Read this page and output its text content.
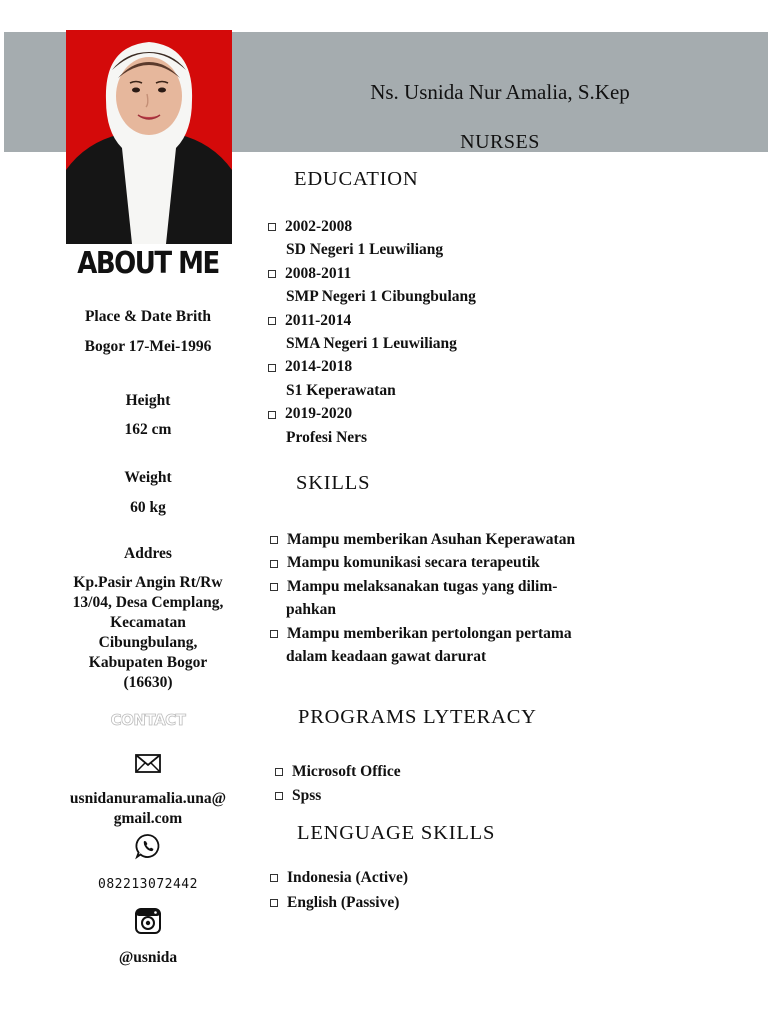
Ns. Usnida Nur Amalia, S.Kep
NURSES
ABOUT ME
Place & Date Brith
Bogor 17-Mei-1996
Height
162 cm
Weight
60 kg
Addres
Kp.Pasir Angin Rt/Rw
13/04, Desa Cemplang,
Kecamatan
Cibungbulang,
Kabupaten Bogor
(16630)
CONTACT
usnidanuramalia.una@
gmail.com
082213072442
@usnida
EDUCATION
2002-2008
SD Negeri 1 Leuwiliang
2008-2011
SMP Negeri 1 Cibungbulang
2011-2014
SMA Negeri 1 Leuwiliang
2014-2018
S1 Keperawatan
2019-2020
Profesi Ners
SKILLS
Mampu memberikan Asuhan Keperawatan
Mampu komunikasi secara terapeutik
Mampu melaksanakan tugas yang dilim-
pahkan
Mampu memberikan pertolongan pertama
dalam keadaan gawat darurat
PROGRAMS LYTERACY
Microsoft Office
Spss
LENGUAGE SKILLS
Indonesia (Active)
English (Passive)
